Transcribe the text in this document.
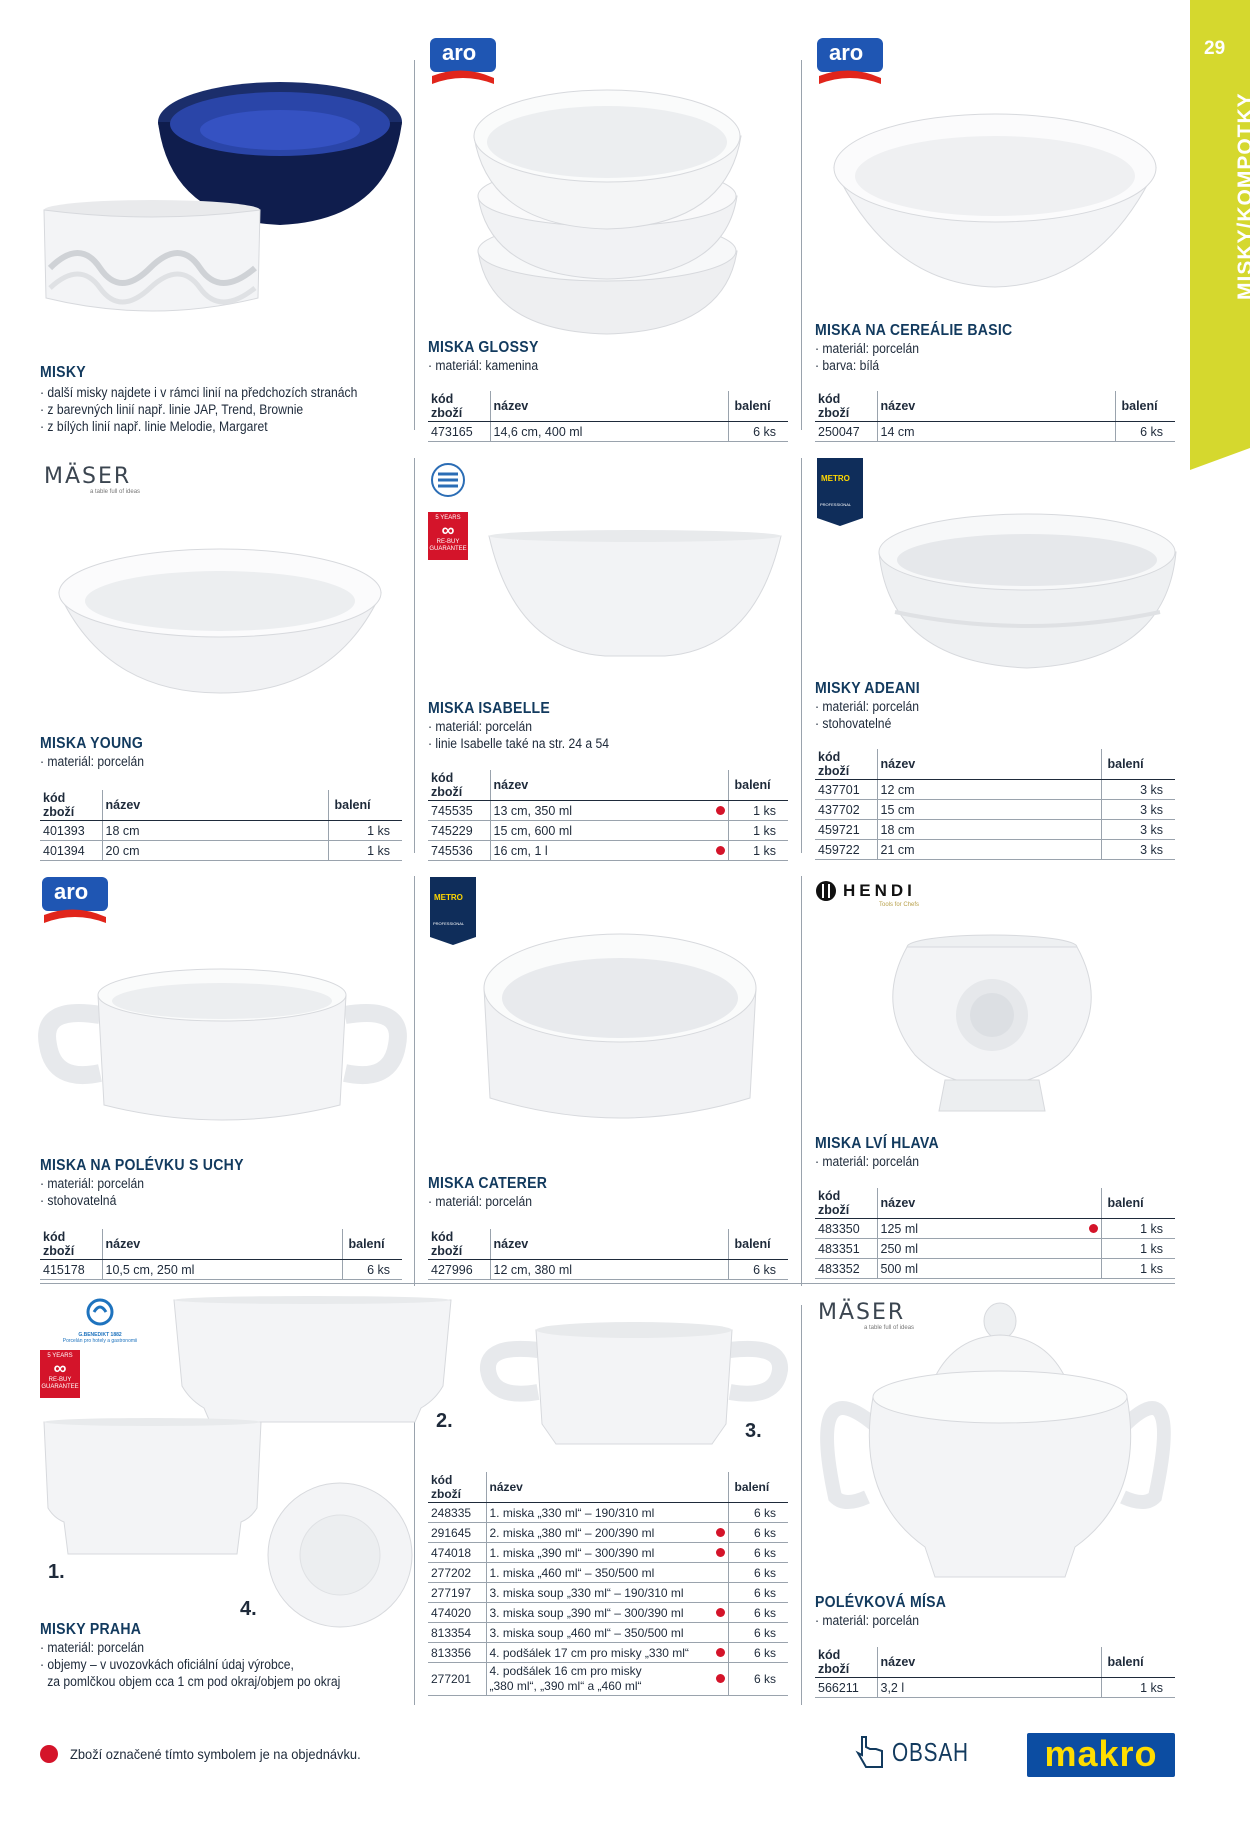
29
MISKY/KOMPOTKY
MISKY
· další misky najdete i v rámci linií na předchozích stranách
· z barevných linií např. linie JAP, Trend, Brownie
· z bílých linií např. linie Melodie, Margaret
aro
MISKA GLOSSY
· materiál: kamenina
kód zboží	název		balení
473165	14,6 cm, 400 ml		6 ks
aro
MISKA NA CEREÁLIE BASIC
· materiál: porcelán
· barva: bílá
kód zboží	název		balení
250047	14 cm		6 ks
MÄSER
a table full of ideas
MISKA YOUNG
· materiál: porcelán
kód zboží	název		balení
401393	18 cm		1 ks
401394	20 cm		1 ks
5 YEARS
∞
RE-BUY
GUARANTEE
MISKA ISABELLE
· materiál: porcelán
· linie Isabelle také na str. 24 a 54
kód zboží	název		balení
745535	13 cm, 350 ml		1 ks
745229	15 cm, 600 ml		1 ks
745536	16 cm, 1 l		1 ks
METRO
PROFESSIONAL
MISKY ADEANI
· materiál: porcelán
· stohovatelné
kód zboží	název		balení
437701	12 cm		3 ks
437702	15 cm		3 ks
459721	18 cm		3 ks
459722	21 cm		3 ks
aro
MISKA NA POLÉVKU S UCHY
· materiál: porcelán
· stohovatelná
kód zboží	název		balení
415178	10,5 cm, 250 ml		6 ks
METRO
PROFESSIONAL
MISKA CATERER
· materiál: porcelán
kód zboží	název		balení
427996	12 cm, 380 ml		6 ks
HENDI
Tools for Chefs
MISKA LVÍ HLAVA
· materiál: porcelán
kód zboží	název		balení
483350	125 ml		1 ks
483351	250 ml		1 ks
483352	500 ml		1 ks
G.BENEDIKT 1882
Porcelán pro hotely a gastronomii
5 YEARS
∞
RE-BUY
GUARANTEE
1.
2.	3.
4.
MISKY PRAHA
· materiál: porcelán
· objemy – v uvozovkách oficiální údaj výrobce,
za pomlčkou objem cca 1 cm pod okraj/objem po okraj
kód zboží	název		balení
248335	1. miska „330 ml“ – 190/310 ml		6 ks
291645	2. miska „380 ml“ – 200/390 ml		6 ks
474018	1. miska „390 ml“ – 300/390 ml		6 ks
277202	1. miska „460 ml“ – 350/500 ml		6 ks
277197	3. miska soup „330 ml“ – 190/310 ml		6 ks
474020	3. miska soup „390 ml“ – 300/390 ml		6 ks
813354	3. miska soup „460 ml“ – 350/500 ml		6 ks
813356	4. podšálek 17 cm pro misky „330 ml“		6 ks
277201	4. podšálek 16 cm pro misky
„380 ml“, „390 ml“ a „460 ml“		6 ks
MÄSER
a table full of ideas
POLÉVKOVÁ MÍSA
· materiál: porcelán
kód zboží	název		balení
566211	3,2 l		1 ks
Zboží označené tímto symbolem je na objednávku.	OBSAH	makro
